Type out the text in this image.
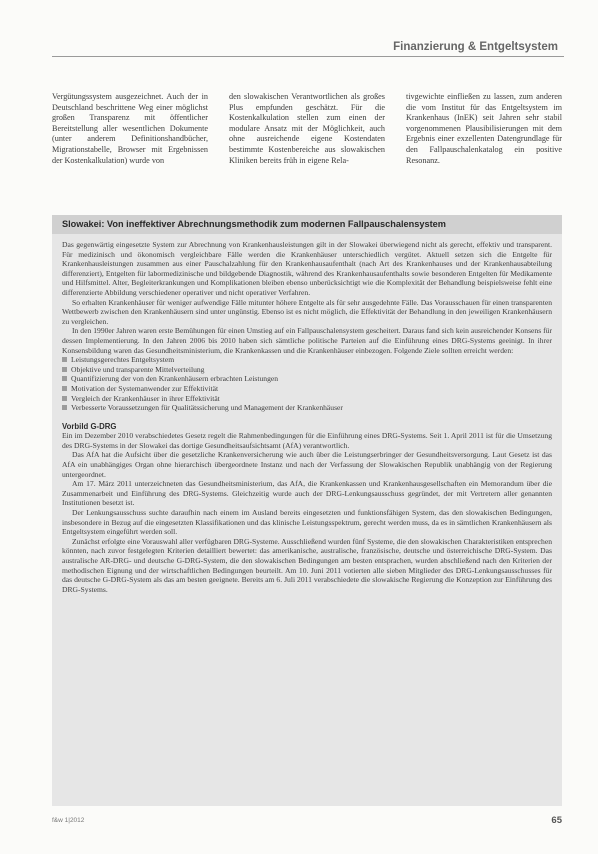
Finanzierung & Entgeltsystem
Vergütungssystem ausgezeichnet. Auch der in Deutschland beschrittene Weg einer möglichst großen Transparenz mit öffentlicher Bereitstellung aller wesentlichen Dokumente (unter anderem Definitionshandbücher, Migrationstabelle, Browser mit Ergebnissen der Kostenkalkulation) wurde von
den slowakischen Verantwortlichen als großes Plus empfunden geschätzt. Für die Kostenkalkulation stellen zum einen der modulare Ansatz mit der Möglichkeit, auch ohne ausreichende eigene Kostendaten bestimmte Kostenbereiche aus slowakischen Kliniken bereits früh in eigene Rela-
tivgewichte einfließen zu lassen, zum anderen die vom Institut für das Entgeltsystem im Krankenhaus (InEK) seit Jahren sehr stabil vorgenommenen Plausibilisierungen mit dem Ergebnis einer exzellenten Datengrundlage für den Fallpauschalenkatalog ein positive Resonanz.
Slowakei: Von ineffektiver Abrechnungsmethodik zum modernen Fallpauschalensystem

Das gegenwärtig eingesetzte System zur Abrechnung von Krankenhausleistungen gilt in der Slowakei überwiegend nicht als gerecht, effektiv und transparent. Für medizinisch und ökonomisch vergleichbare Fälle werden die Krankenhäuser unterschiedlich vergütet. Aktuell setzen sich die Entgelte für Krankenhausleistungen zusammen aus einer Pauschalzahlung für den Krankenhausaufenthalt (nach Art des Krankenhauses und der Krankenhausabteilung differenziert), Entgelten für labormedizinische und bildgebende Diagnostik, während des Krankenhausaufenthalts sowie besonderen Entgelten für Medikamente und Hilfsmittel. Alter, Begleiterkrankungen und Komplikationen bleiben ebenso unberücksichtigt wie die Komplexität der Behandlung beispielsweise fehlt eine differenzierte Abbildung verschiedener operativer und nicht operativer Verfahren.

So erhalten Krankenhäuser für weniger aufwendige Fälle mitunter höhere Entgelte als für sehr ausgedehnte Fälle. Das Vorausschauen für einen transparenten Wettbewerb zwischen den Krankenhäusern sind unter ungünstig. Ebenso ist es nicht möglich, die Effektivität der Behandlung in den jeweiligen Krankenhäusern zu vergleichen.

In den 1990er Jahren waren erste Bemühungen für einen Umstieg auf ein Fallpauschalensystem gescheitert. Daraus fand sich kein ausreichender Konsens für dessen Implementierung. In den Jahren 2006 bis 2010 haben sich sämtliche politische Parteien auf die Einführung eines DRG-Systems geeinigt. In ihrer Konsensbildung waren das Gesundheitsministerium, die Krankenkassen und die Krankenhäuser einbezogen. Folgende Ziele sollten erreicht werden:

Leistungsgerechtes Entgeltsystem
Objektive und transparente Mittelverteilung
Quantifizierung der von den Krankenhäusern erbrachten Leistungen
Motivation der Systemanwender zur Effektivität
Vergleich der Krankenhäuser in ihrer Effektivität
Verbesserte Voraussetzungen für Qualitätssicherung und Management der Krankenhäuser
Vorbild G-DRG

Ein im Dezember 2010 verabschiedetes Gesetz regelt die Rahmenbedingungen für die Einführung eines DRG-Systems. Seit 1. April 2011 ist für die Umsetzung des DRG-Systems in der Slowakei das dortige Gesundheitsaufsichtsamt (AfA) verantwortlich.

Das AfA hat die Aufsicht über die gesetzliche Krankenversicherung wie auch über die Leistungserbringer der Gesundheitsversorgung. Laut Gesetz ist das AfA ein unabhängiges Organ ohne hierarchisch übergeordnete Instanz und nach der Verfassung der Slowakischen Republik unabhängig von der Regierung untergeordnet.

Am 17. März 2011 unterzeichneten das Gesundheitsministerium, das AfA, die Krankenkassen und Krankenhausgesellschaften ein Memorandum über die Zusammenarbeit und Einführung des DRG-Systems. Gleichzeitig wurde auch der DRG-Lenkungsausschuss gegründet, der mit Vertretern aller genannten Institutionen besetzt ist.

Der Lenkungsausschuss suchte daraufhin nach einem im Ausland bereits eingesetzten und funktionsfähigen System, das den slowakischen Bedingungen, insbesondere in Bezug auf die eingesetzten Klassifikationen und das klinische Leistungsspektrum, gerecht werden muss, da es in sämtlichen Krankenhäusern als Entgeltsystem eingeführt werden soll.

Zunächst erfolgte eine Vorauswahl aller verfügbaren DRG-Systeme. Ausschließend wurden fünf Systeme, die den slowakischen Charakteristiken entsprechen könnten, nach zuvor festgelegten Kriterien detailliert bewertet: das amerikanische, australische, französische, deutsche und österreichische DRG-System. Das australische AR-DRG- und deutsche G-DRG-System, die den slowakischen Bedingungen am besten entsprachen, wurden abschließend nach den Kriterien der methodischen Eignung und der wirtschaftlichen Bedingungen beurteilt. Am 10. Juni 2011 votierten alle sieben Mitglieder des DRG-Lenkungsausschusses für das deutsche G-DRG-System als das am besten geeignete. Bereits am 6. Juli 2011 verabschiedete die slowakische Regierung die Konzeption zur Einführung des DRG-Systems.

f&w 1|2012	65
